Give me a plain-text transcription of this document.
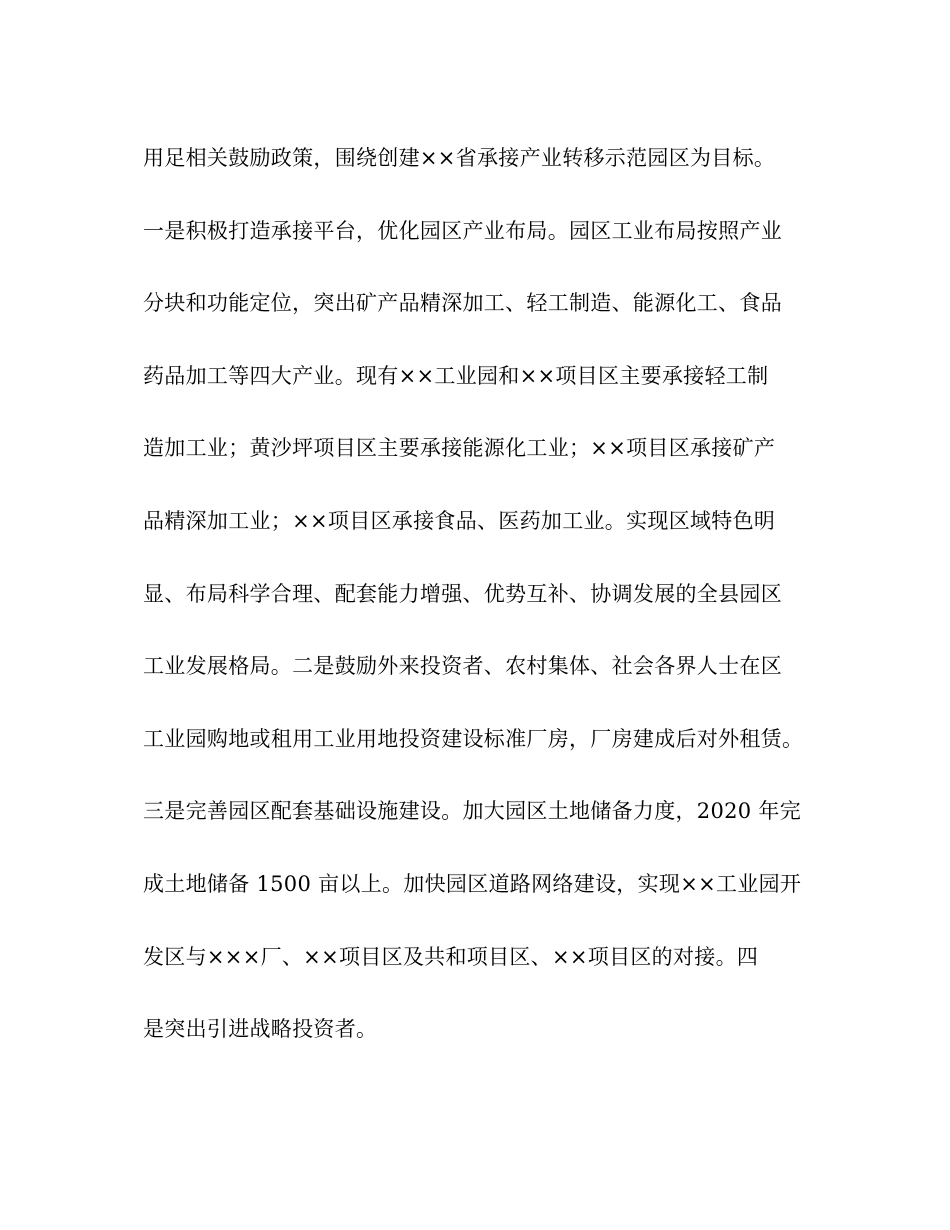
用足相关鼓励政策，围绕创建××省承接产业转移示范园区为目标。
一是积极打造承接平台，优化园区产业布局。园区工业布局按照产业
分块和功能定位，突出矿产品精深加工、轻工制造、能源化工、食品
药品加工等四大产业。现有××工业园和××项目区主要承接轻工制
造加工业；黄沙坪项目区主要承接能源化工业；××项目区承接矿产
品精深加工业；××项目区承接食品、医药加工业。实现区域特色明
显、布局科学合理、配套能力增强、优势互补、协调发展的全县园区
工业发展格局。二是鼓励外来投资者、农村集体、社会各界人士在区
工业园购地或租用工业用地投资建设标准厂房，厂房建成后对外租赁。
三是完善园区配套基础设施建设。加大园区土地储备力度，2020 年完
成土地储备 1500 亩以上。加快园区道路网络建设，实现××工业园开
发区与×××厂、××项目区及共和项目区、××项目区的对接。四
是突出引进战略投资者。
